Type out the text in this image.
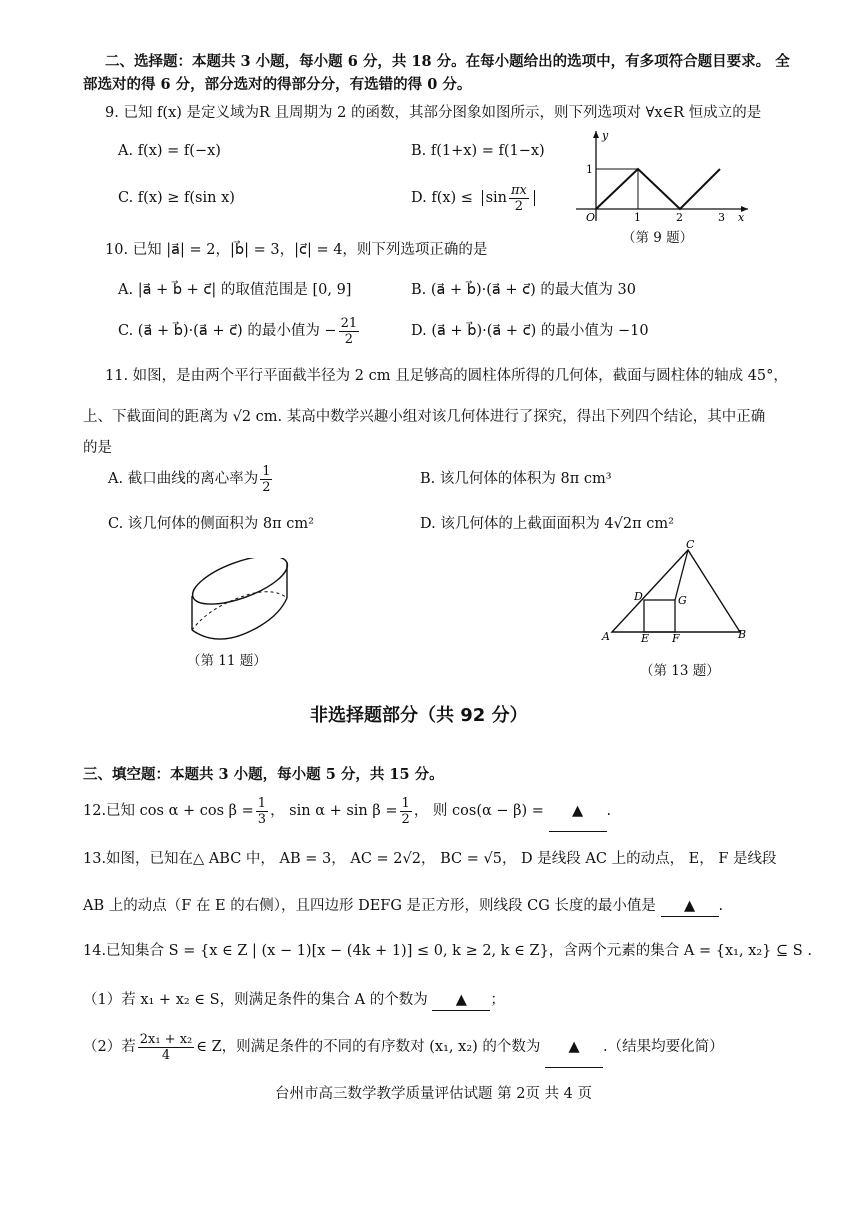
二、选择题：本题共 3 小题，每小题 6 分，共 18 分。在每小题给出的选项中，有多项符合题目要求。 全
部选对的得 6 分，部分选对的得部分分，有选错的得 0 分。
9. 已知 f(x) 是定义域为R 且周期为 2 的函数，其部分图象如图所示，则下列选项对 ∀x∈R 恒成立的是
A. f(x) = f(−x)	B. f(1+x) = f(1−x)
C. f(x) ≥ f(sin x)	D. $f(x) \le \sin \frac{\pi x}{2}$
y
x
O
1
1	2	3
（第 9 题）
10. 已知 |a⃗| = 2，|b⃗| = 3，|c⃗| = 4，则下列选项正确的是
A. |a⃗ + b⃗ + c⃗| 的取值范围是 [0, 9]	B. (a⃗ + b⃗)·(a⃗ + c⃗) 的最大值为 30
C. (a⃗ + b⃗)·(a⃗ + c⃗) 的最小值为 − $\frac{21}{2}$	D. (a⃗ + b⃗)·(a⃗ + c⃗) 的最小值为 −10
11. 如图，是由两个平行平面截半径为 2 cm 且足够高的圆柱体所得的几何体，截面与圆柱体的轴成 45°，
上、下截面间的距离为 √2 cm. 某高中数学兴趣小组对该几何体进行了探究，得出下列四个结论，其中正确
的是
A. 截口曲线的离心率为 $\frac{1}{2}$	B. 该几何体的体积为 8π cm³
C. 该几何体的侧面积为 8π cm²	D. 该几何体的上截面面积为 4√2π cm²
（第 11 题）
C
A	B
D	G
E F
（第 13 题）
非选择题部分（共 92 分）
三、填空题：本题共 3 小题，每小题 5 分，共 15 分。
12.已知 $\cos \alpha + \cos \beta = \frac{1}{3}$ ， $\sin \alpha + \sin \beta = \frac{1}{2}$ ， 则 cos(α − β) = ▲ .
13.如图，已知在△ ABC 中， AB = 3， AC = 2√2， BC = √5， D 是线段 AC 上的动点， E， F 是线段
AB 上的动点（F 在 E 的右侧），且四边形 DEFG 是正方形，则线段 CG 长度的最小值是 ▲ .
14.已知集合 S = {x ∈ Z | (x − 1)[x − (4k + 1)] ≤ 0, k ≥ 2, k ∈ Z}，含两个元素的集合 A = {x₁, x₂} ⊆ S .
（1）若 x₁ + x₂ ∈ S，则满足条件的集合 A 的个数为 ▲ ；
（2）若 $\frac{\text{2x₁ + x₂}}{4}$ ∈ Z，则满足条件的不同的有序数对 (x₁, x₂) 的个数为 ▲ .（结果均要化简）
台州市高三数学教学质量评估试题 第 2页 共 4 页
